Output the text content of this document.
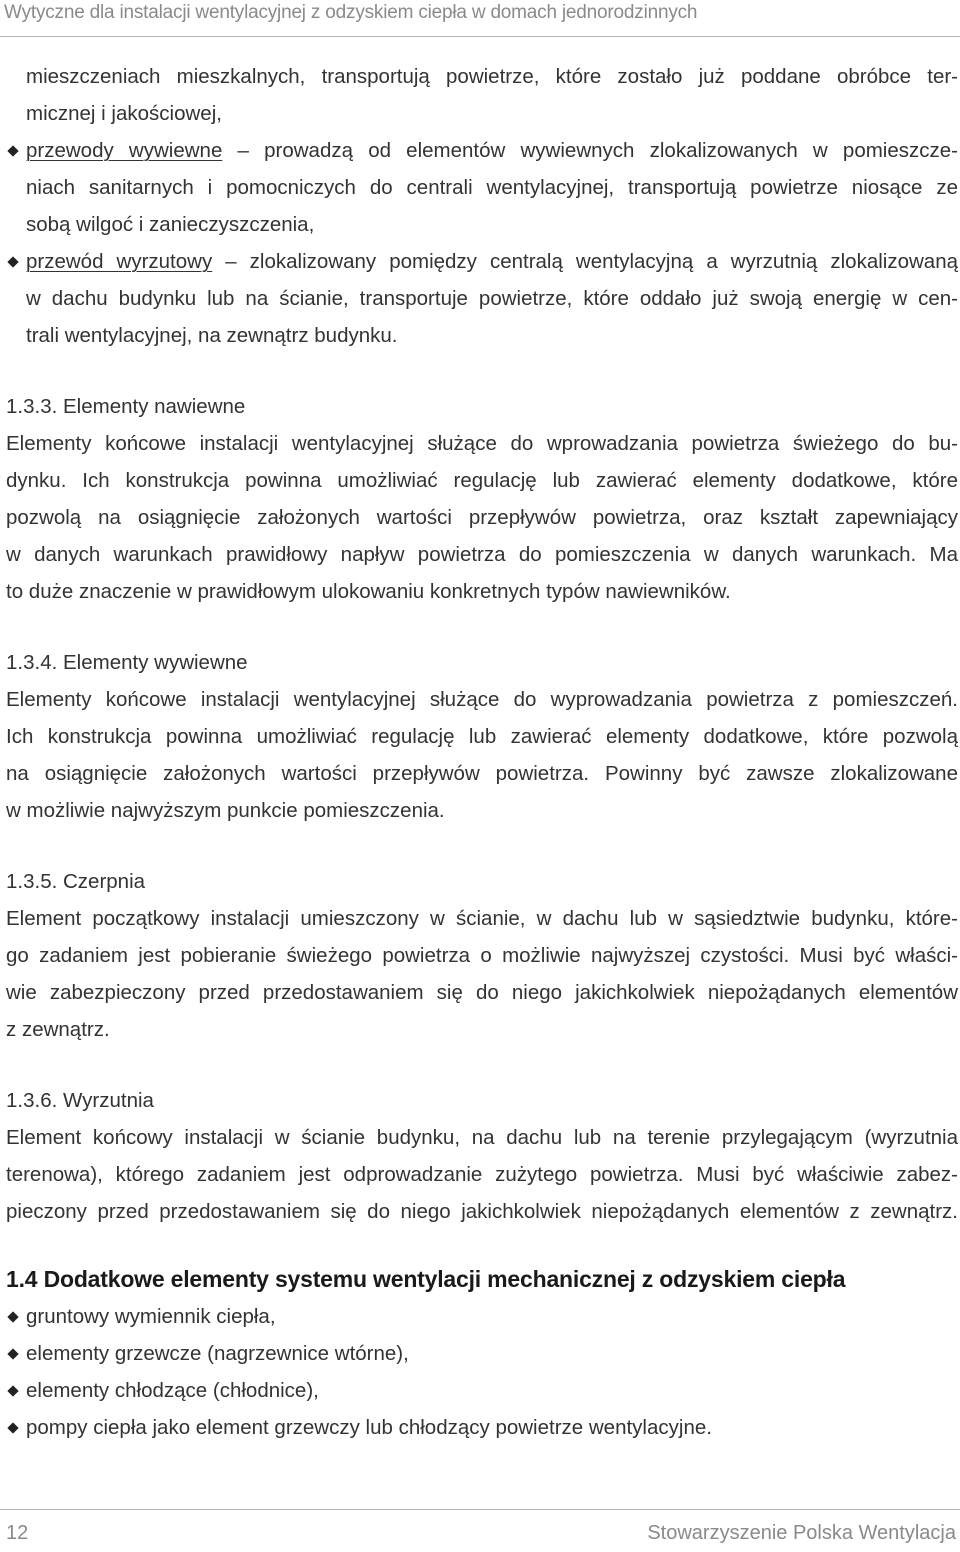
Wytyczne dla instalacji wentylacyjnej z odzyskiem ciepła w domach jednorodzinnych
mieszczeniach mieszkalnych, transportują powietrze, które zostało już poddane obróbce ter-
micznej i jakościowej,
przewody wywiewne – prowadzą od elementów wywiewnych zlokalizowanych w pomieszcze-
niach sanitarnych i pomocniczych do centrali wentylacyjnej, transportują powietrze niosące ze
sobą wilgoć i zanieczyszczenia,
przewód wyrzutowy – zlokalizowany pomiędzy centralą wentylacyjną a wyrzutnią zlokalizowaną
w dachu budynku lub na ścianie, transportuje powietrze, które oddało już swoją energię w cen-
trali wentylacyjnej, na zewnątrz budynku.
1.3.3. Elementy nawiewne
Elementy końcowe instalacji wentylacyjnej służące do wprowadzania powietrza świeżego do bu-
dynku. Ich konstrukcja powinna umożliwiać regulację lub zawierać elementy dodatkowe, które
pozwolą na osiągnięcie założonych wartości przepływów powietrza, oraz kształt zapewniający
w danych warunkach prawidłowy napływ powietrza do pomieszczenia w danych warunkach. Ma
to duże znaczenie w prawidłowym ulokowaniu konkretnych typów nawiewników.
1.3.4. Elementy wywiewne
Elementy końcowe instalacji wentylacyjnej służące do wyprowadzania powietrza z pomieszczeń.
Ich konstrukcja powinna umożliwiać regulację lub zawierać elementy dodatkowe, które pozwolą
na osiągnięcie założonych wartości przepływów powietrza. Powinny być zawsze zlokalizowane
w możliwie najwyższym punkcie pomieszczenia.
1.3.5. Czerpnia
Element początkowy instalacji umieszczony w ścianie, w dachu lub w sąsiedztwie budynku, które-
go zadaniem jest pobieranie świeżego powietrza o możliwie najwyższej czystości. Musi być właści-
wie zabezpieczony przed przedostawaniem się do niego jakichkolwiek niepożądanych elementów
z zewnątrz.
1.3.6. Wyrzutnia
Element końcowy instalacji w ścianie budynku, na dachu lub na terenie przylegającym (wyrzutnia
terenowa), którego zadaniem jest odprowadzanie zużytego powietrza. Musi być właściwie zabez-
pieczony przed przedostawaniem się do niego jakichkolwiek niepożądanych elementów z zewnątrz.
1.4 Dodatkowe elementy systemu wentylacji mechanicznej z odzyskiem ciepła
gruntowy wymiennik ciepła,
elementy grzewcze (nagrzewnice wtórne),
elementy chłodzące (chłodnice),
pompy ciepła jako element grzewczy lub chłodzący powietrze wentylacyjne.
12	Stowarzyszenie Polska Wentylacja
